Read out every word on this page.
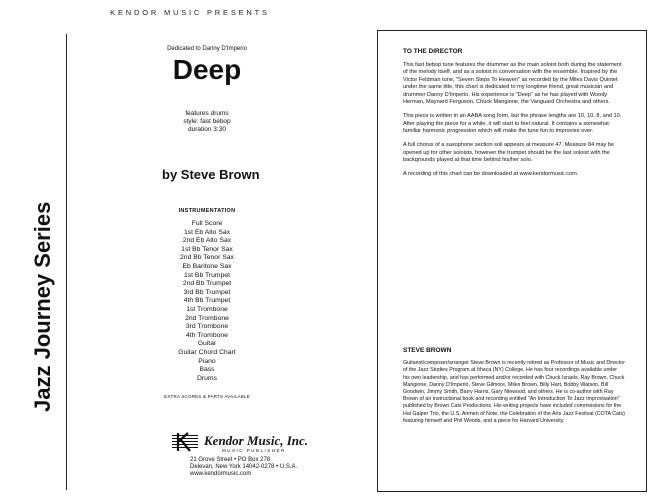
KENDOR MUSIC PRESENTS
Jazz Journey Series
Dedicated to Danny D'Imperio
Deep
features drums
style: fast bebop
duration 3:30
by Steve Brown
INSTRUMENTATION
Full Score
1st Eb Alto Sax
2nd Eb Alto Sax
1st Bb Tenor Sax
2nd Bb Tenor Sax
Eb Baritone Sax
1st Bb Trumpet
2nd Bb Trumpet
3rd Bb Trumpet
4th Bb Trumpet
1st Trombone
2nd Trombone
3rd Trombone
4th Trombone
Guitar
Guitar Chord Chart
Piano
Bass
Drums
EXTRA SCORES & PARTS AVAILABLE
Kendor Music, Inc.
MUSIC PUBLISHER
21 Grove Street • PO Box 278
Delevan, New York 14042-0278 • U.S.A.
www.kendormusic.com
TO THE DIRECTOR

This fast bebop tune features the drummer as the main soloist both during the statement of the melody itself, and as a soloist in conversation with the ensemble. Inspired by the Victor Feldman tune, "Seven Steps To Heaven" as recorded by the Miles Davis Quintet under the same title, this chart is dedicated to my longtime friend, great musician and drummer Danny D'Imperio. His experience is "Deep" as he has played with Woody Herman, Maynard Ferguson, Chuck Mangione, the Vanguard Orchestra and others.

This piece is written in an AABA song form, but the phrase lengths are 10, 10, 8, and 10. After playing the piece for a while, it will start to feel natural. It contains a somewhat familiar harmonic progression which will make the tune fun to improvise over.

A full chorus of a saxophone section soli appears at measure 47. Measure 84 may be opened up for other soloists, however the trumpet should be the last soloist with the backgrounds played at that time behind his/her solo.

A recording of this chart can be downloaded at www.kendormusic.com.

STEVE BROWN

Guitarist/composer/arranger Steve Brown is recently retired as Professor of Music and Director of the Jazz Studies Program at Ithaca (NY) College. He has four recordings available under his own leadership, and has performed and/or recorded with Chuck Israels, Ray Brown, Chuck Mangione, Danny D'Imperio, Steve Gilmore, Miles Brown, Billy Hart, Bobby Watson, Bill Goodwin, Jimmy Smith, Barry Harris, Gary Niewood, and others. He is co-author with Ray Brown of an instructional book and recording entitled "An Introduction To Jazz Improvisation" published by Brown Cats Productions. His writing projects have included commissions for the Hal Galper Trio, the U.S. Airmen of Note, the Celebration of the Arts Jazz Festival (COTA Cats) featuring himself and Phil Woods, and a piece for Harvard University.
